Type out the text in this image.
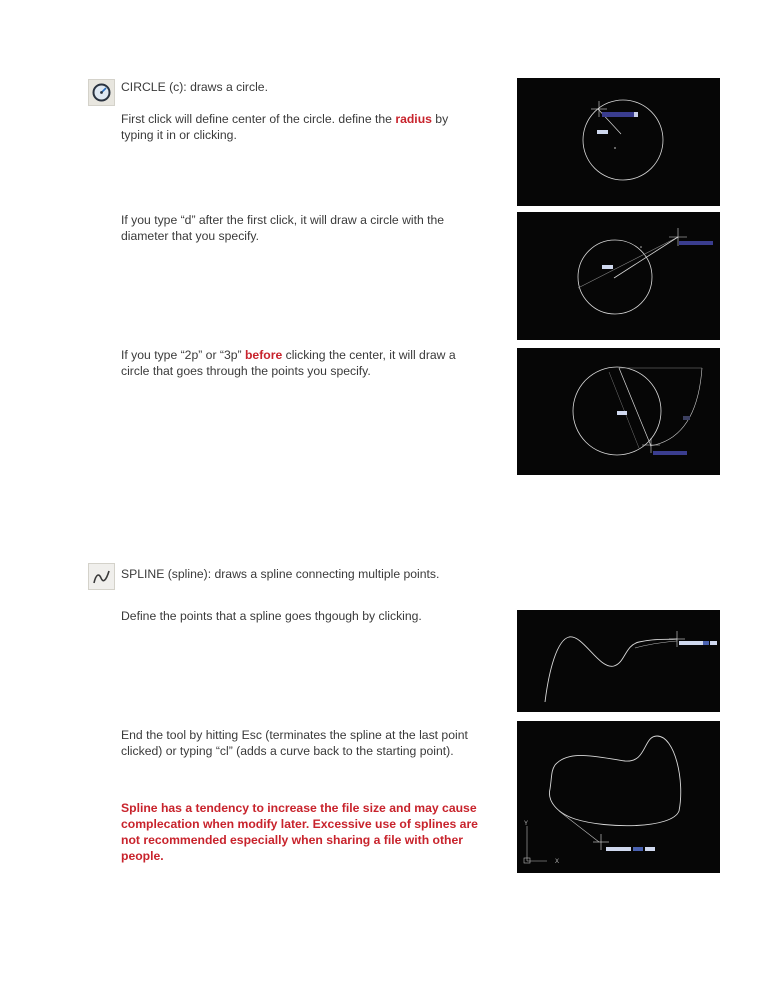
CIRCLE (c): draws a circle.
First click will define center of the circle. define the radius by typing it in or clicking.
If you type “d” after the first click, it will draw a circle with the diameter that you specify.
If you type “2p” or “3p” before clicking the center, it will draw a circle that goes through the points you specify.
SPLINE (spline): draws a spline connecting multiple points.
Define the points that a spline goes thgough by clicking.
End the tool by hitting Esc (terminates the spline at the last point clicked) or typing “cl” (adds a curve back to the starting point).
Spline has a tendency to increase the file size and may cause complecation when modify later. Excessive use of splines are not recommended especially when sharing a file with other people.
Y
X
